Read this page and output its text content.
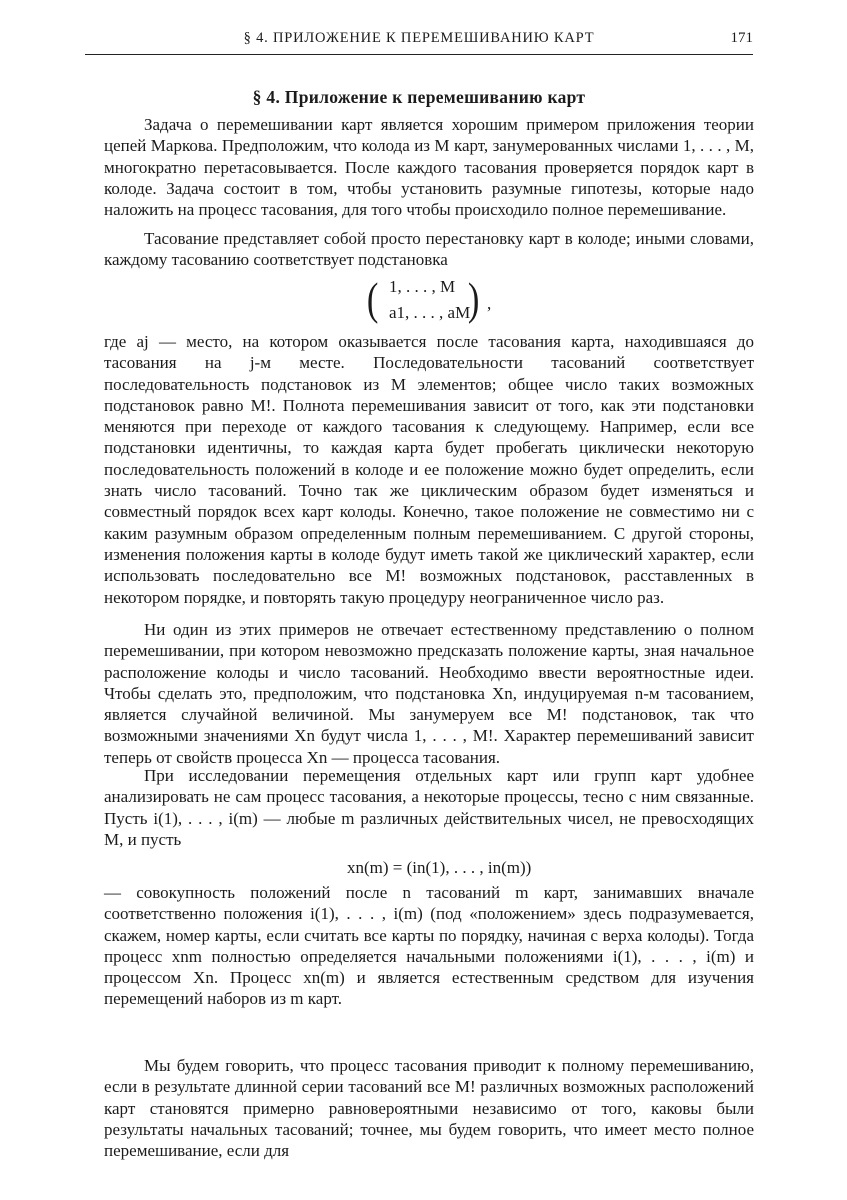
§ 4. ПРИЛОЖЕНИЕ К ПЕРЕМЕШИВАНИЮ КАРТ	171
§ 4. Приложение к перемешиванию карт

Задача о перемешивании карт является хорошим примером приложения теории цепей Маркова. Предположим, что колода из M карт, занумерованных числами 1, . . . , M, многократно перетасовывается. После каждого тасования проверяется порядок карт в колоде. Задача состоит в том, чтобы установить разумные гипотезы, которые надо наложить на процесс тасования, для того чтобы происходило полное перемешивание.

Тасование представляет собой просто перестановку карт в колоде; иными словами, каждому тасованию соответствует подстановка

( 1, . . . , M
a1, . . . , aM
) ,

где aj — место, на котором оказывается после тасования карта, находившаяся до тасования на j-м месте. Последовательности тасований соответствует последовательность подстановок из M элементов; общее число таких возможных подстановок равно M!. Полнота перемешивания зависит от того, как эти подстановки меняются при переходе от каждого тасования к следующему. Например, если все подстановки идентичны, то каждая карта будет пробегать циклически некоторую последовательность положений в колоде и ее положение можно будет определить, если знать число тасований. Точно так же циклическим образом будет изменяться и совместный порядок всех карт колоды. Конечно, такое положение не совместимо ни с каким разумным образом определенным полным перемешиванием. С другой стороны, изменения положения карты в колоде будут иметь такой же циклический характер, если использовать последовательно все M! возможных подстановок, расставленных в некотором порядке, и повторять такую процедуру неограниченное число раз.

Ни один из этих примеров не отвечает естественному представлению о полном перемешивании, при котором невозможно предсказать положение карты, зная начальное расположение колоды и число тасований. Необходимо ввести вероятностные идеи. Чтобы сделать это, предположим, что подстановка Xn, индуцируемая n-м тасованием, является случайной величиной. Мы занумеруем все M! подстановок, так что возможными значениями Xn будут числа 1, . . . , M!. Характер перемешиваний зависит теперь от свойств процесса Xn — процесса тасования.

При исследовании перемещения отдельных карт или групп карт удобнее анализировать не сам процесс тасования, а некоторые процессы, тесно с ним связанные. Пусть i(1), . . . , i(m) — любые m различных действительных чисел, не превосходящих M, и пусть

xn(m) = (in(1), . . . , in(m))

— совокупность положений после n тасований m карт, занимавших вначале соответственно положения i(1), . . . , i(m) (под «положением» здесь подразумевается, скажем, номер карты, если считать все карты по порядку, начиная с верха колоды). Тогда процесс xnm полностью определяется начальными положениями i(1), . . . , i(m) и процессом Xn. Процесс xn(m) и является естественным средством для изучения перемещений наборов из m карт.

Мы будем говорить, что процесс тасования приводит к полному перемешиванию, если в результате длинной серии тасований все M! различных возможных расположений карт становятся примерно равновероятными независимо от того, каковы были результаты начальных тасований; точнее, мы будем говорить, что имеет место полное перемешивание, если для
